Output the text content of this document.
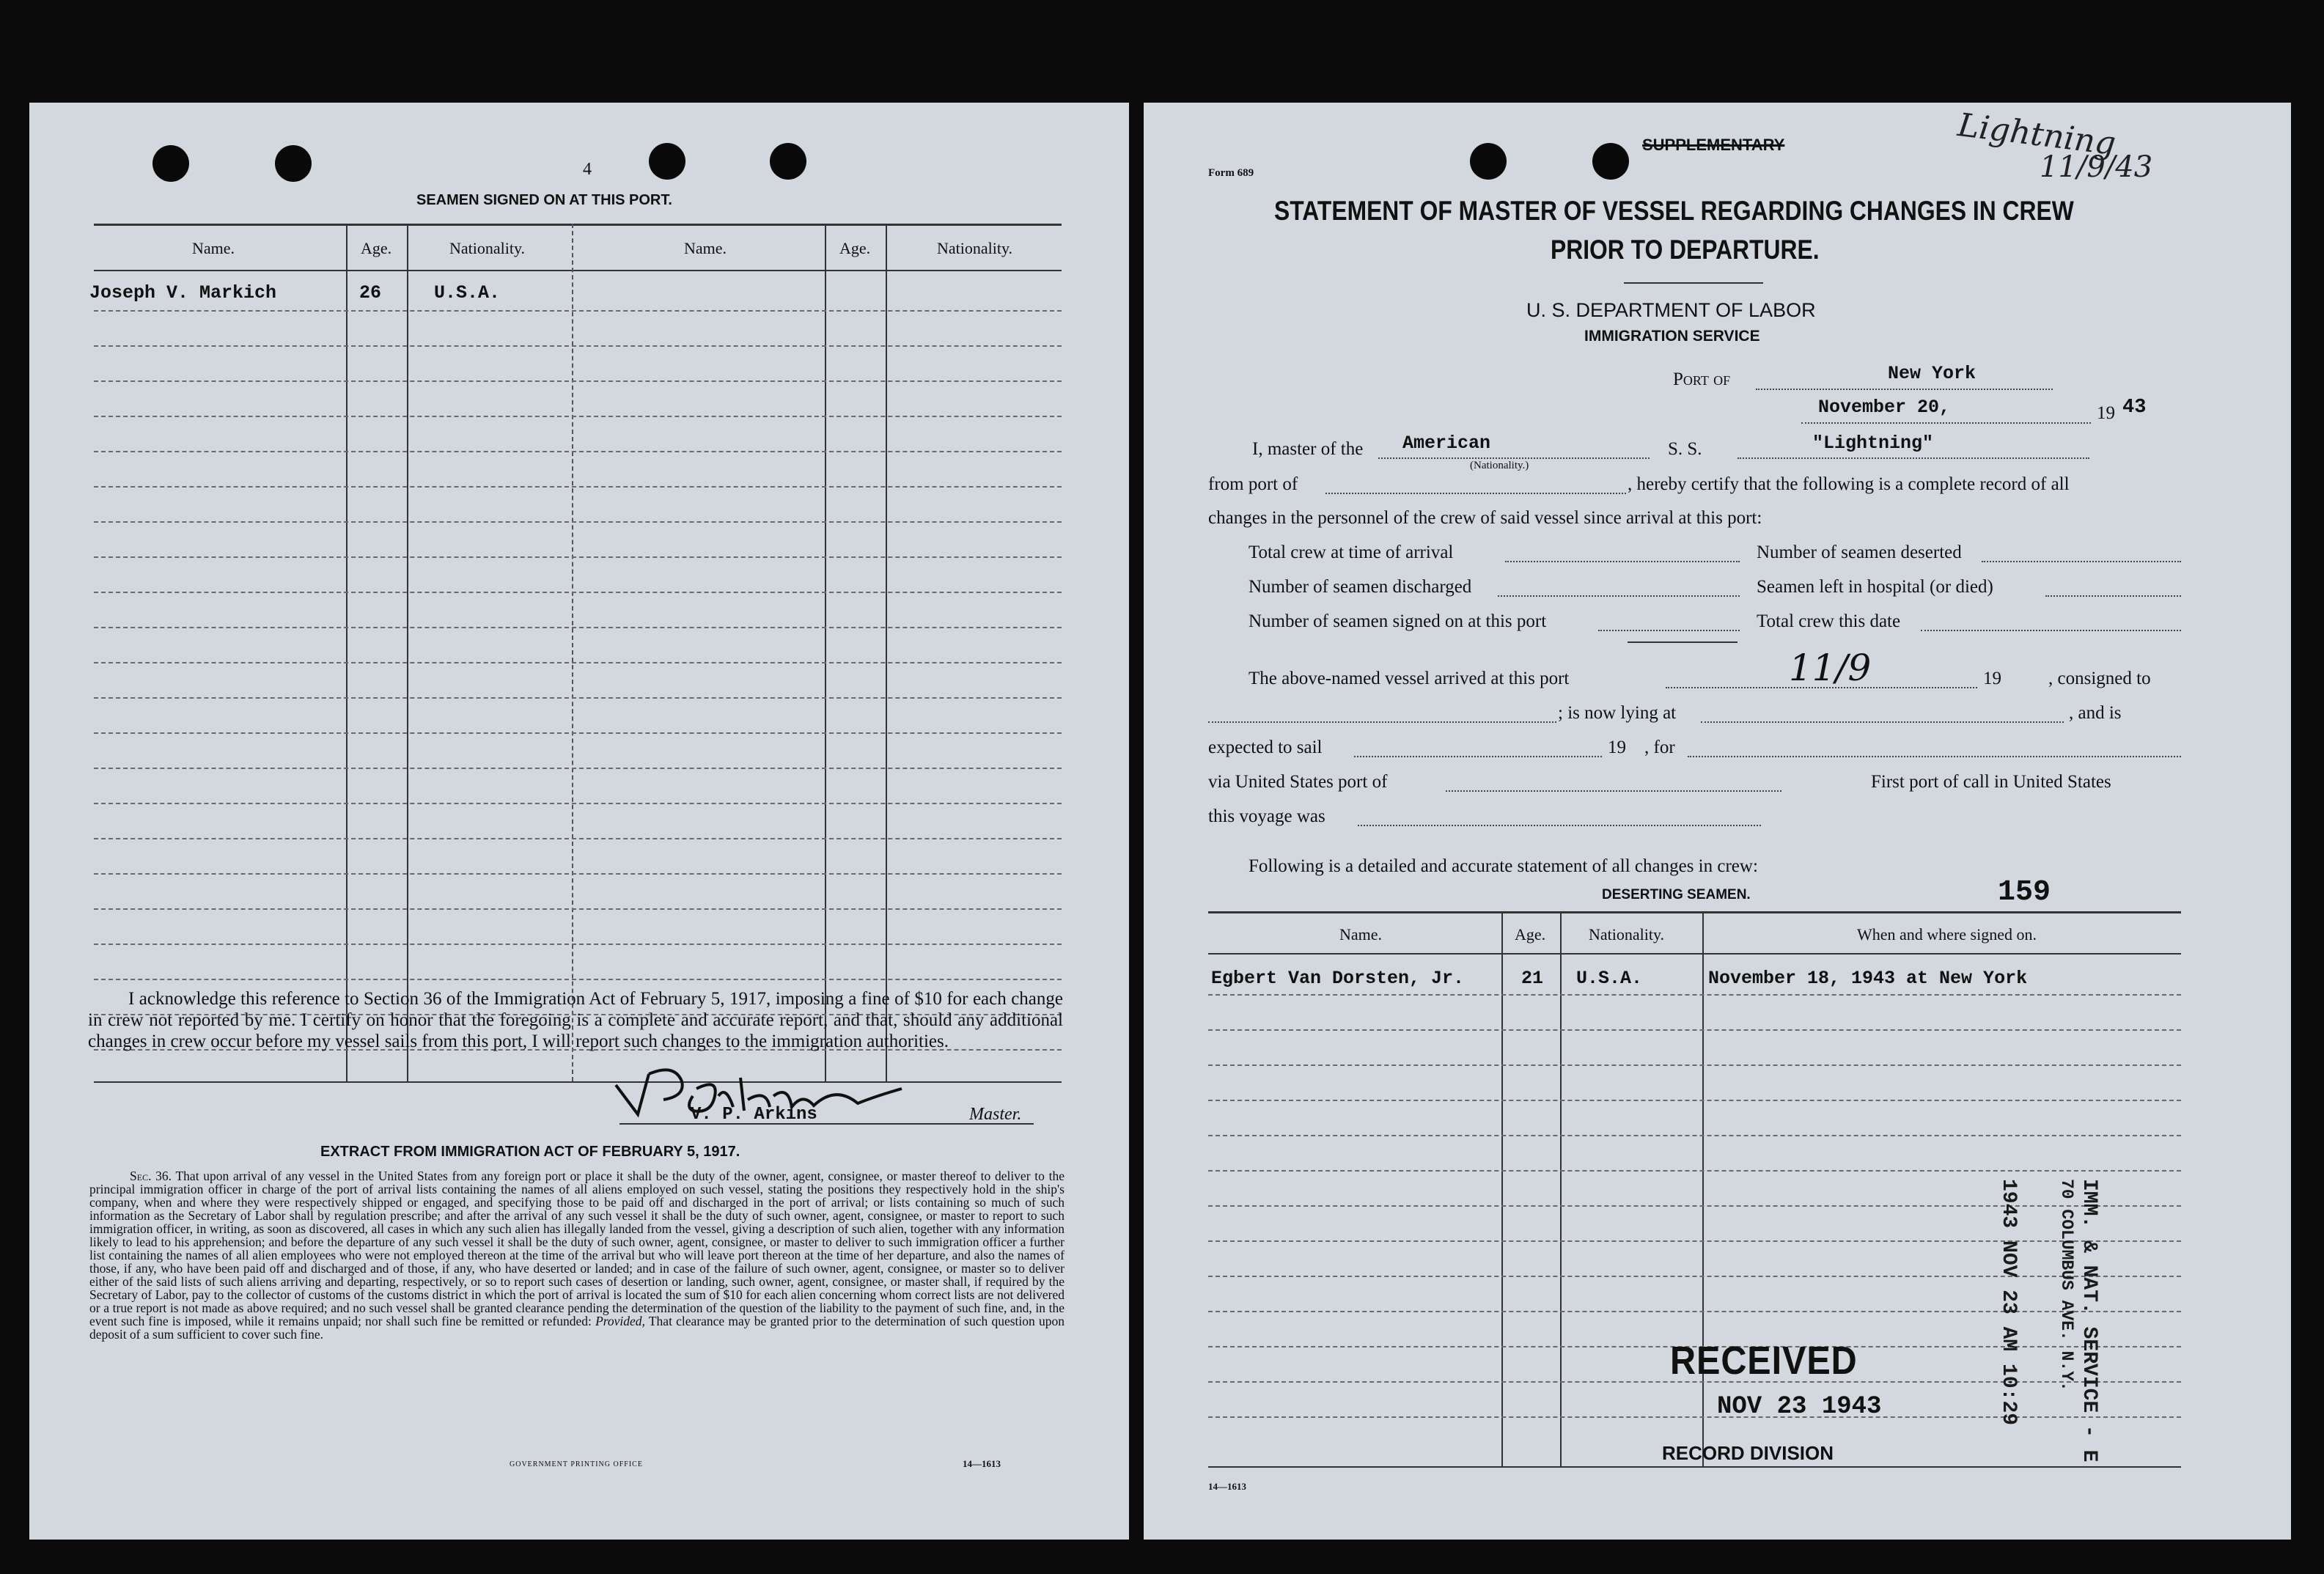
4
SEAMEN SIGNED ON AT THIS PORT.
Name.	Age.	Nationality.	Name.	Age.	Nationality.
Joseph V. Markich	26	U.S.A.
I acknowledge this reference to Section 36 of the Immigration Act of February 5, 1917, imposing a fine of $10 for each change in crew not reported by me. I certify on honor that the foregoing is a complete and accurate report, and that, should any additional changes in crew occur before my vessel sails from this port, I will report such changes to the immigration authorities.
V. P. Arkins	Master.
EXTRACT FROM IMMIGRATION ACT OF FEBRUARY 5, 1917.
Sec. 36. That upon arrival of any vessel in the United States from any foreign port or place it shall be the duty of the owner, agent, consignee, or master thereof to deliver to the principal immigration officer in charge of the port of arrival lists containing the names of all aliens employed on such vessel, stating the positions they respectively hold in the ship's company, when and where they were respectively shipped or engaged, and specifying those to be paid off and discharged in the port of arrival; or lists containing so much of such information as the Secretary of Labor shall by regulation prescribe; and after the arrival of any such vessel it shall be the duty of such owner, agent, consignee, or master to report to such immigration officer, in writing, as soon as discovered, all cases in which any such alien has illegally landed from the vessel, giving a description of such alien, together with any information likely to lead to his apprehension; and before the departure of any such vessel it shall be the duty of such owner, agent, consignee, or master to deliver to such immigration officer a further list containing the names of all alien employees who were not employed thereon at the time of the arrival but who will leave port thereon at the time of her departure, and also the names of those, if any, who have been paid off and discharged and of those, if any, who have deserted or landed; and in case of the failure of such owner, agent, consignee, or master so to deliver either of the said lists of such aliens arriving and departing, respectively, or so to report such cases of desertion or landing, such owner, agent, consignee, or master shall, if required by the Secretary of Labor, pay to the collector of customs of the customs district in which the port of arrival is located the sum of $10 for each alien concerning whom correct lists are not delivered or a true report is not made as above required; and no such vessel shall be granted clearance pending the determination of the question of the liability to the payment of such fine, and, in the event such fine is imposed, while it remains unpaid; nor shall such fine be remitted or refunded: Provided, That clearance may be granted prior to the determination of such question upon deposit of a sum sufficient to cover such fine.
GOVERNMENT PRINTING OFFICE	14—1613
Form 689
SUPPLEMENTARY	Lightning
11/9/43
STATEMENT OF MASTER OF VESSEL REGARDING CHANGES IN CREW
PRIOR TO DEPARTURE.
U. S. DEPARTMENT OF LABOR
IMMIGRATION SERVICE
Port of	New York
November 20,	19 43
I, master of the American
(Nationality.)
S. S.	"Lightning"
from port of	, hereby certify that the following is a complete record of all
changes in the personnel of the crew of said vessel since arrival at this port:
Total crew at time of arrival	Number of seamen deserted
Number of seamen discharged	Seamen left in hospital (or died)
Number of seamen signed on at this port	Total crew this date
The above-named vessel arrived at this port	11/9	19	, consigned to
; is now lying at	, and is
expected to sail	19 , for
via United States port of	First port of call in United States
this voyage was
Following is a detailed and accurate statement of all changes in crew:
DESERTING SEAMEN.	159
Name.	Age.	Nationality.	When and where signed on.
Egbert Van Dorsten, Jr.	21 U.S.A.	November 18, 1943 at New York
1943 NOV 23 AM 10:29	IMM. & NAT. SERVICE - E
70 COLUMBUS AVE. N.Y.
RECEIVED
NOV 23 1943
RECORD DIVISION
14—1613
